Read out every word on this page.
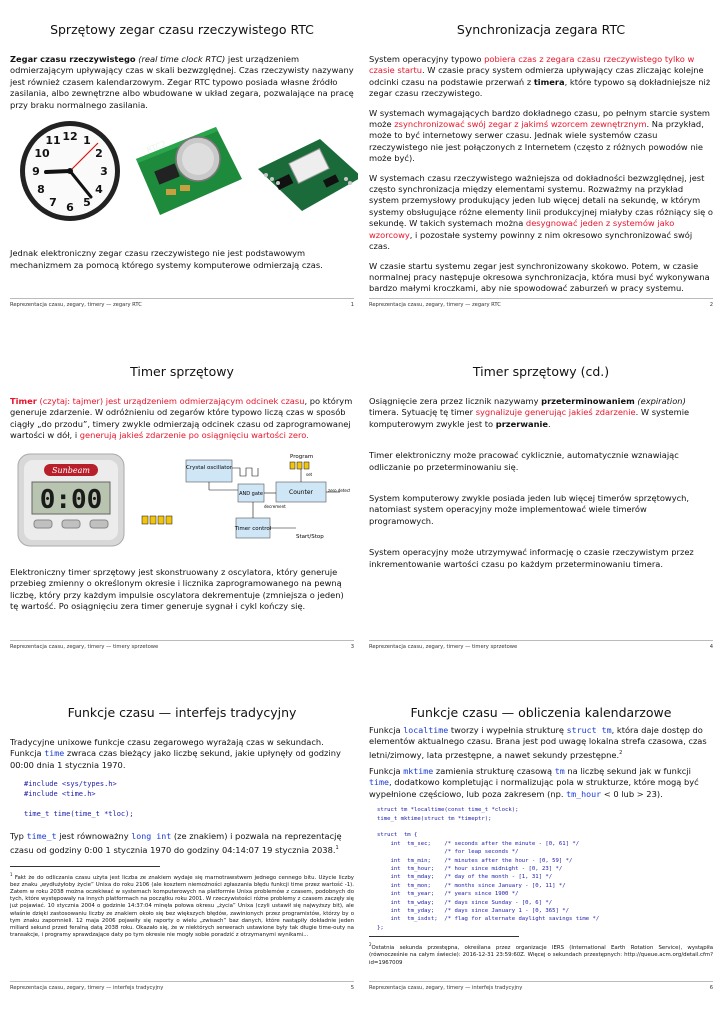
Sprzętowy zegar czasu rzeczywistego RTC

Zegar czasu rzeczywistego (real time clock RTC) jest urządzeniem odmierzającym upływający czas w skali bezwzględnej. Czas rzeczywisty nazywany jest również czasem kalendarzowym. Zegar RTC typowo posiada własne źródło zasilania, albo zewnętrzne albo wbudowane w układ zegara, pozwalające na pracę przy braku normalnego zasilania.

12 1
2
3
4
5
6
7
8
9
10
11	RTC2

Jednak elektroniczny zegar czasu rzeczywistego nie jest podstawowym mechanizmem za pomocą którego systemy komputerowe odmierzają czas.

Reprezentacja czasu, zegary, timery — zegary RTC	1
Synchronizacja zegara RTC

System operacyjny typowo pobiera czas z zegara czasu rzeczywistego tylko w czasie startu. W czasie pracy system odmierza upływający czas zliczając kolejne odcinki czasu na podstawie przerwań z timera, które typowo są dokładniejsze niż zegar czasu rzeczywistego.

W systemach wymagających bardzo dokładnego czasu, po pełnym starcie system może zsynchronizować swój zegar z jakimś wzorcem zewnętrznym. Na przykład, może to być internetowy serwer czasu. Jednak wiele systemów czasu rzeczywistego nie jest połączonych z Internetem (często z różnych powodów nie może być).

W systemach czasu rzeczywistego ważniejsza od dokładności bezwzględnej, jest często synchronizacja między elementami systemu. Rozważmy na przykład system przemysłowy produkujący jeden lub więcej detali na sekundę, w którym systemy obsługujące różne elementy linii produkcyjnej miałyby czas różniący się o sekundę. W takich systemach można desygnować jeden z systemów jako wzorcowy, i pozostałe systemy powinny z nim okresowo synchronizować swój czas.

W czasie startu systemu zegar jest synchronizowany skokowo. Potem, w czasie normalnej pracy następuje okresowa synchronizacja, która musi być wykonywana bardzo małymi kroczkami, aby nie spowodować zaburzeń w pracy systemu.

Reprezentacja czasu, zegary, timery — zegary RTC	2
Timer sprzętowy

Timer (czytaj: tajmer) jest urządzeniem odmierzającym odcinek czasu, po którym generuje zdarzenie. W odróżnieniu od zegarów które typowo liczą czas w sposób ciągły „do przodu”, timery zwykle odmierzają odcinek czasu od zaprogramowanej wartości w dół, i generują jakieś zdarzenie po osiągnięciu wartości zero.

Sunbeam
0:00
Crystal oscillator
AND gate	Counter
Timer control
Program
set
zero detect
decrement
Start/Stop

Elektroniczny timer sprzętowy jest skonstruowany z oscylatora, który generuje przebieg zmienny o określonym okresie i licznika zaprogramowanego na pewną liczbę, który przy każdym impulsie oscylatora dekrementuje (zmniejsza o jeden) tę wartość. Po osiągnięciu zera timer generuje sygnał i cykl kończy się.

Reprezentacja czasu, zegary, timery — timery sprzetowe	3
Timer sprzętowy (cd.)

Osiągnięcie zera przez licznik nazywamy przeterminowaniem (expiration) timera. Sytuację tę timer sygnalizuje generując jakieś zdarzenie. W systemie komputerowym zwykle jest to przerwanie.

Timer elektroniczny może pracować cyklicznie, automatycznie wznawiając odliczanie po przeterminowaniu się.

System komputerowy zwykle posiada jeden lub więcej timerów sprzętowych, natomiast system operacyjny może implementować wiele timerów programowych.

System operacyjny może utrzymywać informację o czasie rzeczywistym przez inkrementowanie wartości czasu po każdym przeterminowaniu timera.

Reprezentacja czasu, zegary, timery — timery sprzetowe	4
Funkcje czasu — interfejs tradycyjny

Tradycyjne unixowe funkcje czasu zegarowego wyrażają czas w sekundach. Funkcja time zwraca czas bieżący jako liczbę sekund, jakie upłynęły od godziny 00:00 dnia 1 stycznia 1970.

#include <sys/types.h>
#include <time.h>

time_t time(time_t *tloc);

Typ time_t jest równoważny long int (ze znakiem) i pozwala na reprezentację czasu od godziny 0:00 1 stycznia 1970 do godziny 04:14:07 19 stycznia 2038.$^1$

$^1$ Fakt że do odliczania czasu użyta jest liczba ze znakiem wydaje się marnotrawstwem jednego cennego bitu. Użycie liczby bez znaku „wydłużyłoby życie” Unixa do roku 2106 (ale kosztem niemożności zgłaszania błędu funkcji time przez wartość -1). Zatem w roku 2038 można oczekiwać w systemach komputerowych na platformie Unixa problemów z czasem, podobnych do tych, które występowały na innych platformach na początku roku 2001. W rzeczywistości różne problemy z czasem zaczęły się już pojawiać. 10 stycznia 2004 o godzinie 14:37:04 minęła połowa okresu „życia” Unixa (czyli ustawił się najwyższy bit), ale właśnie dzięki zastosowaniu liczby ze znakiem około się bez większych błędów, zawinionych przez programistów, którzy by o tym znaku zapomnieli. 12 maja 2006 pojawiły się raporty o wielu „zwisach” baz danych, które nastąpiły dokładnie jeden miliard sekund przed feralną datą 2038 roku. Okazało się, że w niektórych serwerach ustawione były tak długie time-outy na transakcje, i programy sprawdzające daty po tym okresie nie mogły sobie poradzić z otrzymanymi wynikami...
Reprezentacja czasu, zegary, timery — interfejs tradycyjny	5
Funkcje czasu — obliczenia kalendarzowe

Funkcja localtime tworzy i wypełnia strukturę struct tm, która daje dostęp do elementów aktualnego czasu. Brana jest pod uwagę lokalna strefa czasowa, czas letni/zimowy, lata przestępne, a nawet sekundy przestępne.$^2$

Funkcja mktime zamienia strukturę czasową tm na liczbę sekund jak w funkcji time, dodatkowo kompletując i normalizując pola w strukturze, które mogą być wypełnione częściowo, lub poza zakresem (np. tm_hour < 0 lub > 23).

struct tm *localtime(const time_t *clock);
time_t mktime(struct tm *timeptr);

struct  tm {
int  tm_sec;    /* seconds after the minute - [0, 61] */
/* for leap seconds */
int  tm_min;    /* minutes after the hour - [0, 59] */
int  tm_hour;   /* hour since midnight - [0, 23] */
int  tm_mday;   /* day of the month - [1, 31] */
int  tm_mon;    /* months since January - [0, 11] */
int  tm_year;   /* years since 1900 */
int  tm_wday;   /* days since Sunday - [0, 6] */
int  tm_yday;   /* days since January 1 - [0, 365] */
int  tm_isdst;  /* flag for alternate daylight savings time */
};
$^2$Ostatnia sekunda przestępna, określana przez organizacje IERS (International Earth Rotation Service), wystąpiła (równocześnie na całym świecie): 2016-12-31 23:59:60Z. Więcej o sekundach przestępnych: http://queue.acm.org/detail.cfm?id=1967009
Reprezentacja czasu, zegary, timery — interfejs tradycyjny	6
